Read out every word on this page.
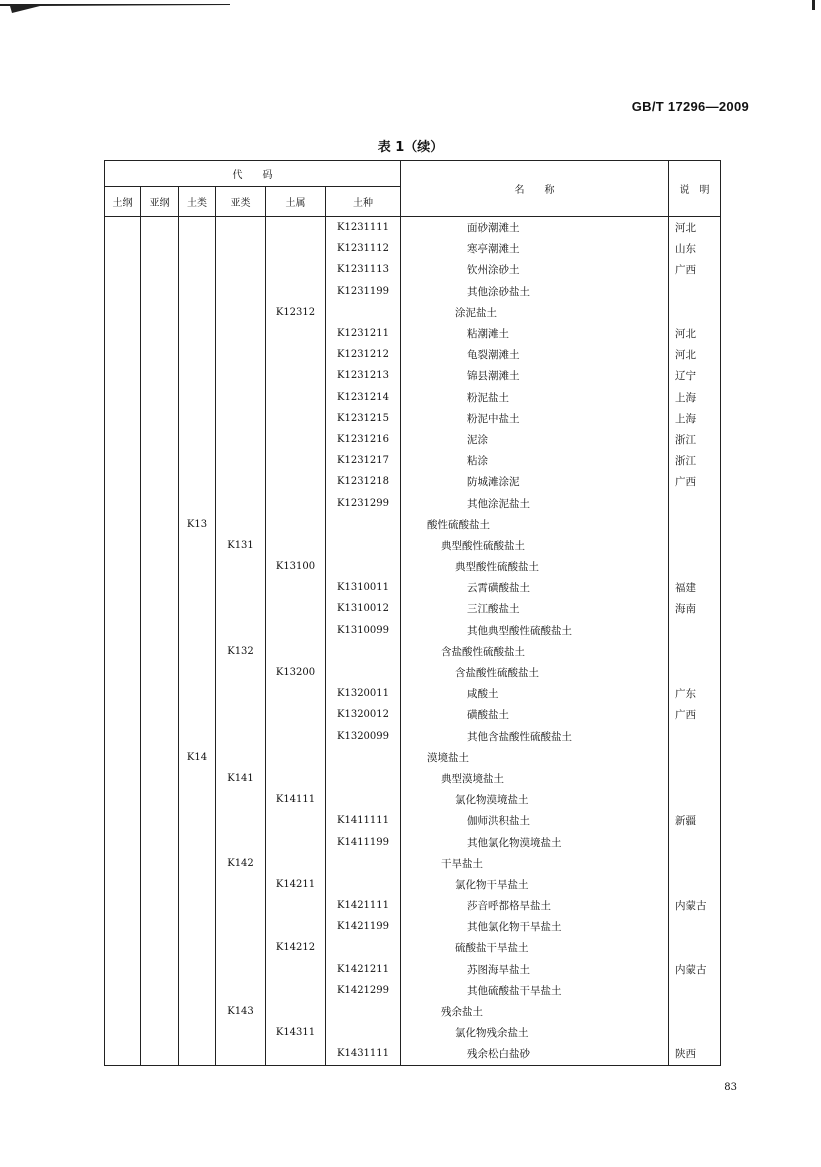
GB/T 17296—2009
表 1（续）
代　　码						名　　称	说　明
土纲	亚纲	土类	亚类	土属	土种		
					K1231111	面砂潮滩土	河北
					K1231112	寒亭潮滩土	山东
					K1231113	钦州涂砂土	广西
					K1231199	其他涂砂盐土	
				K12312		涂泥盐土	
					K1231211	粘潮滩土	河北
					K1231212	龟裂潮滩土	河北
					K1231213	锦县潮滩土	辽宁
					K1231214	粉泥盐土	上海
					K1231215	粉泥中盐土	上海
					K1231216	泥涂	浙江
					K1231217	粘涂	浙江
					K1231218	防城滩涂泥	广西
					K1231299	其他涂泥盐土	
		K13				酸性硫酸盐土	
			K131			典型酸性硫酸盐土	
				K13100		典型酸性硫酸盐土	
					K1310011	云霄磺酸盐土	福建
					K1310012	三江酸盐土	海南
					K1310099	其他典型酸性硫酸盐土	
			K132			含盐酸性硫酸盐土	
				K13200		含盐酸性硫酸盐土	
					K1320011	咸酸土	广东
					K1320012	磺酸盐土	广西
					K1320099	其他含盐酸性硫酸盐土	
		K14				漠境盐土	
			K141			典型漠境盐土	
				K14111		氯化物漠境盐土	
					K1411111	伽师洪积盐土	新疆
					K1411199	其他氯化物漠境盐土	
			K142			干旱盐土	
				K14211		氯化物干旱盐土	
					K1421111	莎音呼都格旱盐土	内蒙古
					K1421199	其他氯化物干旱盐土	
				K14212		硫酸盐干旱盐土	
					K1421211	苏图海旱盐土	内蒙古
					K1421299	其他硫酸盐干旱盐土	
			K143			残余盐土	
				K14311		氯化物残余盐土	
					K1431111	残余松白盐砂	陕西
83
